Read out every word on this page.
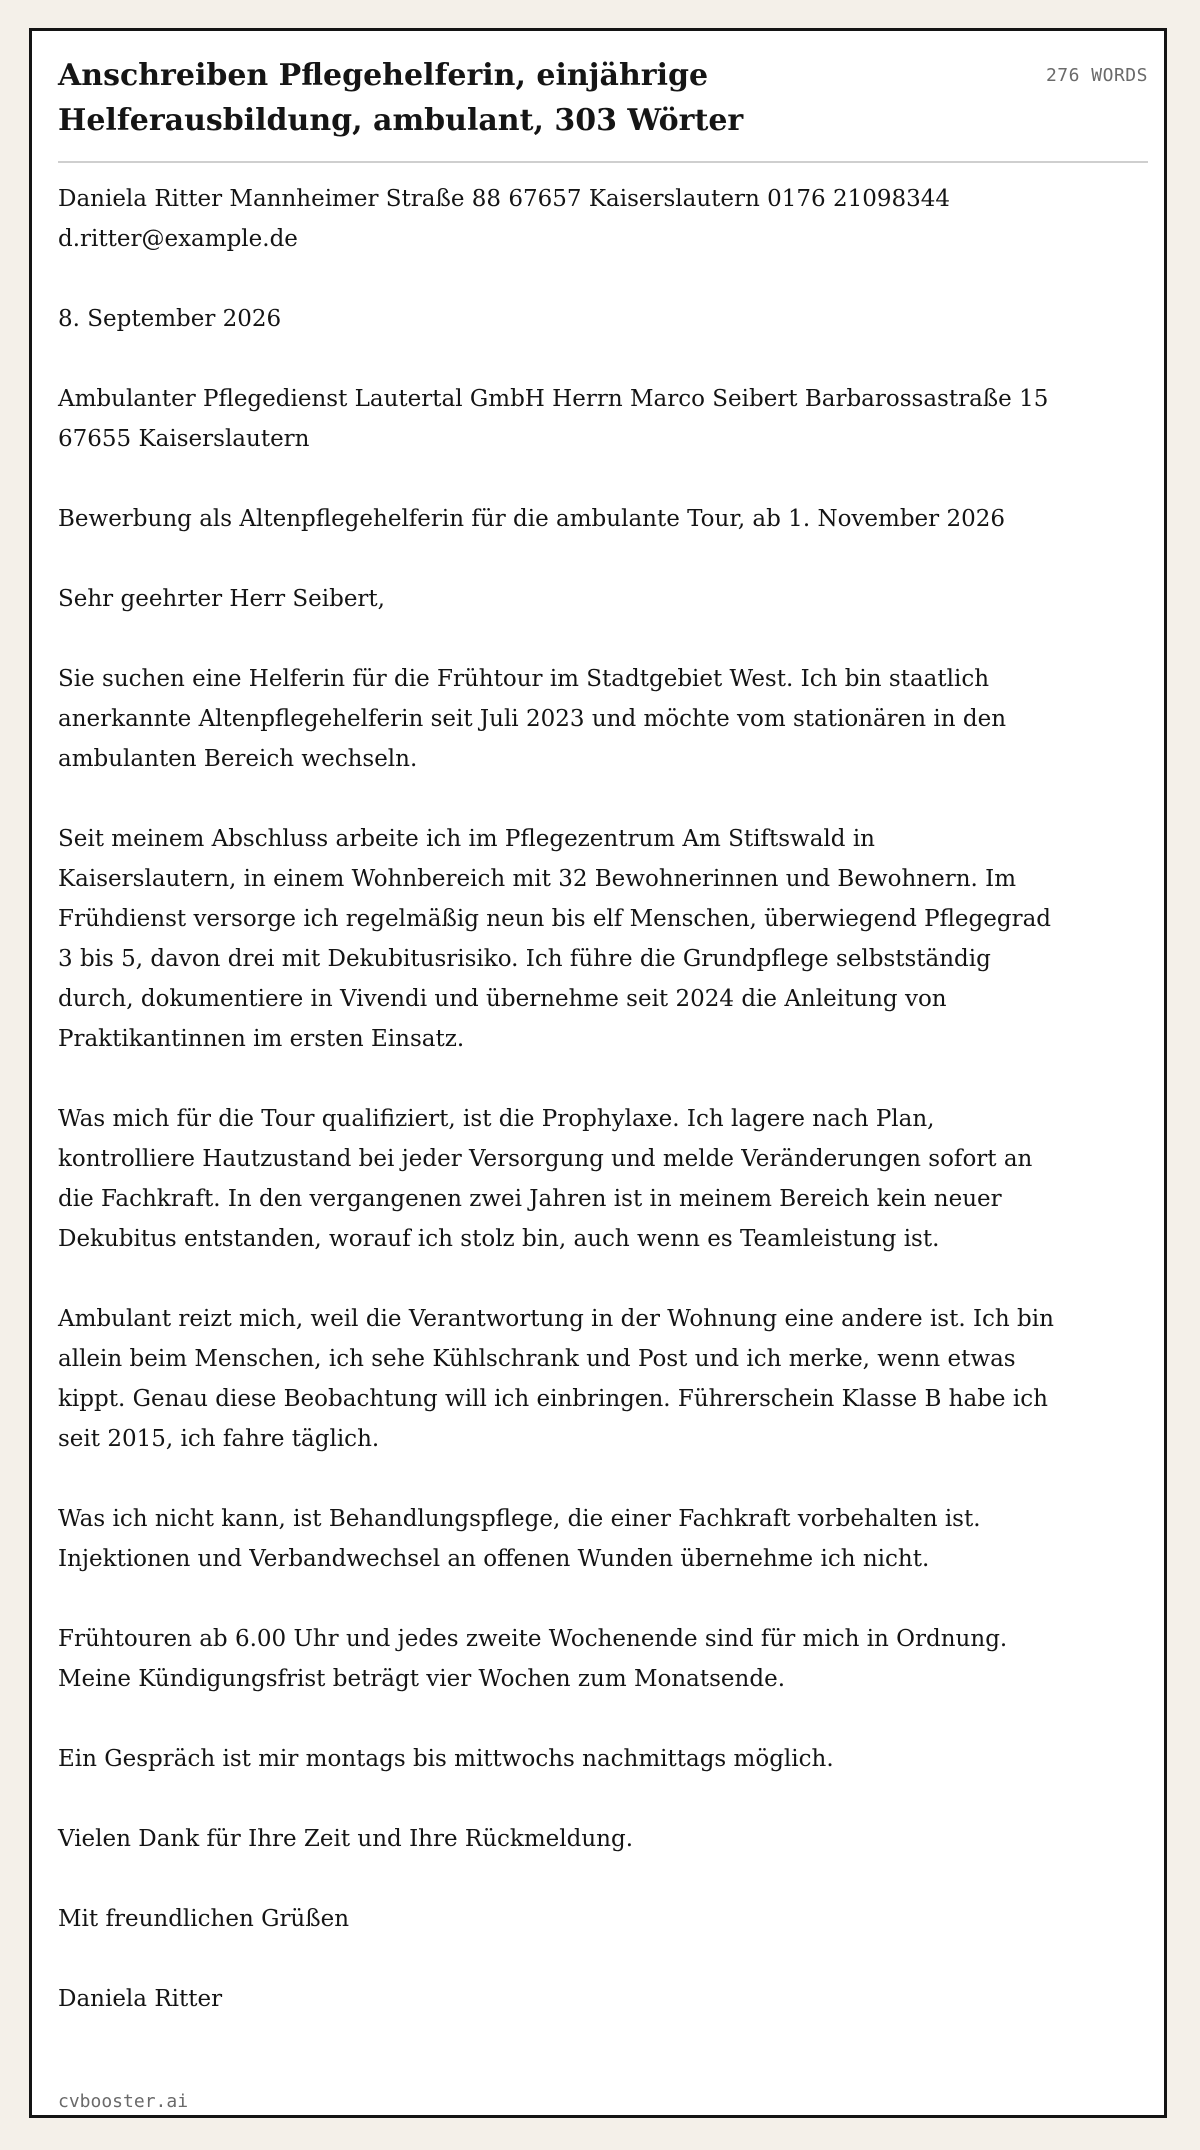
Anschreiben Pflegehelferin, einjährige Helferausbildung, ambulant, 303 Wörter
276 WORDS

Daniela Ritter Mannheimer Straße 88 67657 Kaiserslautern 0176 21098344 d.ritter@example.de

8. September 2026

Ambulanter Pflegedienst Lautertal GmbH Herrn Marco Seibert Barbarossastraße 15 67655 Kaiserslautern

Bewerbung als Altenpflegehelferin für die ambulante Tour, ab 1. November 2026

Sehr geehrter Herr Seibert,

Sie suchen eine Helferin für die Frühtour im Stadtgebiet West. Ich bin staatlich anerkannte Altenpflegehelferin seit Juli 2023 und möchte vom stationären in den ambulanten Bereich wechseln.

Seit meinem Abschluss arbeite ich im Pflegezentrum Am Stiftswald in Kaiserslautern, in einem Wohnbereich mit 32 Bewohnerinnen und Bewohnern. Im Frühdienst versorge ich regelmäßig neun bis elf Menschen, überwiegend Pflegegrad 3 bis 5, davon drei mit Dekubitusrisiko. Ich führe die Grundpflege selbstständig durch, dokumentiere in Vivendi und übernehme seit 2024 die Anleitung von Praktikantinnen im ersten Einsatz.

Was mich für die Tour qualifiziert, ist die Prophylaxe. Ich lagere nach Plan, kontrolliere Hautzustand bei jeder Versorgung und melde Veränderungen sofort an die Fachkraft. In den vergangenen zwei Jahren ist in meinem Bereich kein neuer Dekubitus entstanden, worauf ich stolz bin, auch wenn es Teamleistung ist.

Ambulant reizt mich, weil die Verantwortung in der Wohnung eine andere ist. Ich bin allein beim Menschen, ich sehe Kühlschrank und Post und ich merke, wenn etwas kippt. Genau diese Beobachtung will ich einbringen. Führerschein Klasse B habe ich seit 2015, ich fahre täglich.

Was ich nicht kann, ist Behandlungspflege, die einer Fachkraft vorbehalten ist. Injektionen und Verbandwechsel an offenen Wunden übernehme ich nicht.

Frühtouren ab 6.00 Uhr und jedes zweite Wochenende sind für mich in Ordnung. Meine Kündigungsfrist beträgt vier Wochen zum Monatsende.

Ein Gespräch ist mir montags bis mittwochs nachmittags möglich.

Vielen Dank für Ihre Zeit und Ihre Rückmeldung.

Mit freundlichen Grüßen

Daniela Ritter

cvbooster.ai
